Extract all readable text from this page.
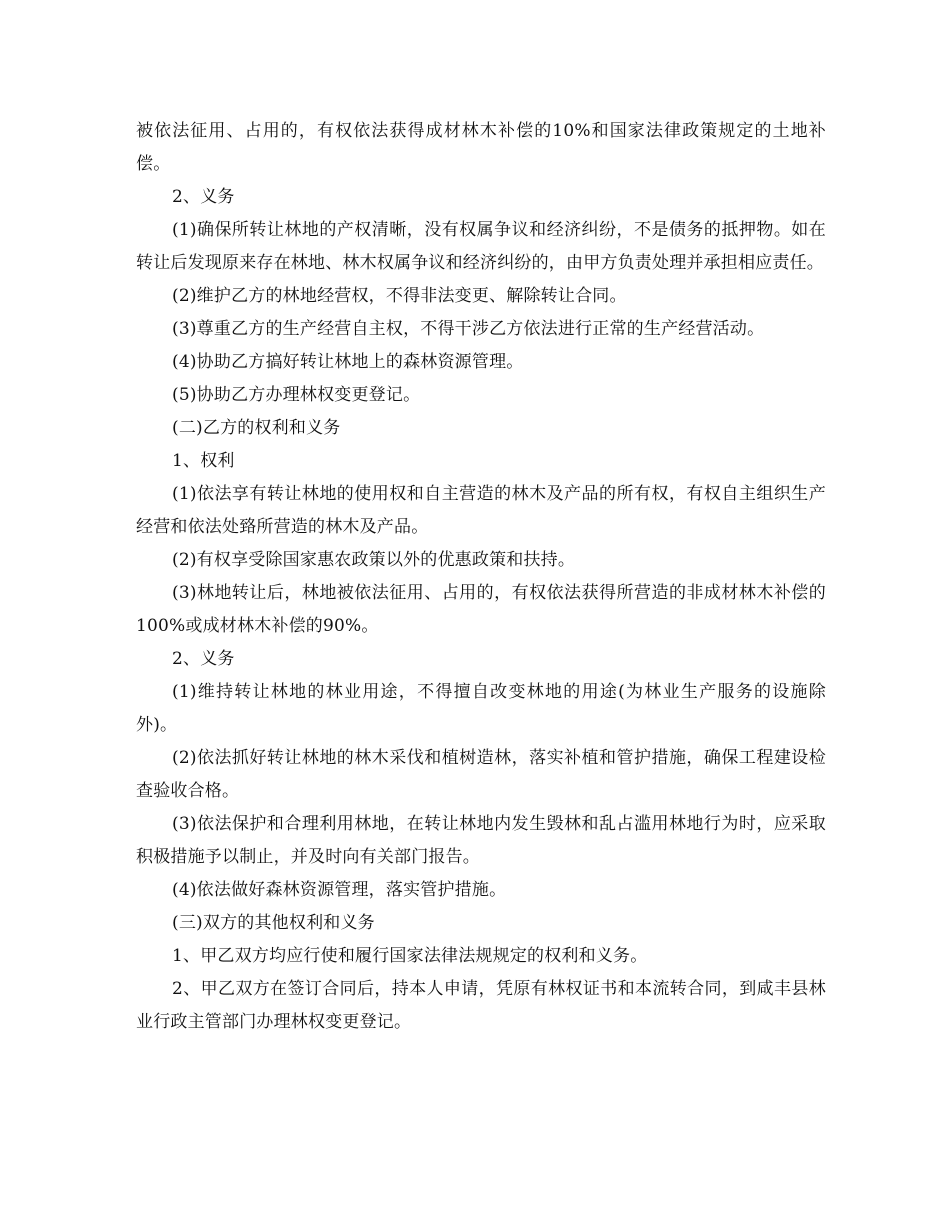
被依法征用、占用的，有权依法获得成材林木补偿的10%和国家法律政策规定的土地补偿。

2、义务

(1)确保所转让林地的产权清晰，没有权属争议和经济纠纷，不是债务的抵押物。如在转让后发现原来存在林地、林木权属争议和经济纠纷的，由甲方负责处理并承担相应责任。

(2)维护乙方的林地经营权，不得非法变更、解除转让合同。

(3)尊重乙方的生产经营自主权，不得干涉乙方依法进行正常的生产经营活动。

(4)协助乙方搞好转让林地上的森林资源管理。

(5)协助乙方办理林权变更登记。

(二)乙方的权利和义务

1、权利

(1)依法享有转让林地的使用权和自主营造的林木及产品的所有权，有权自主组织生产经营和依法处臵所营造的林木及产品。

(2)有权享受除国家惠农政策以外的优惠政策和扶持。

(3)林地转让后，林地被依法征用、占用的，有权依法获得所营造的非成材林木补偿的100%或成材林木补偿的90%。

2、义务

(1)维持转让林地的林业用途，不得擅自改变林地的用途(为林业生产服务的设施除外)。

(2)依法抓好转让林地的林木采伐和植树造林，落实补植和管护措施，确保工程建设检查验收合格。

(3)依法保护和合理利用林地，在转让林地内发生毁林和乱占滥用林地行为时，应采取积极措施予以制止，并及时向有关部门报告。

(4)依法做好森林资源管理，落实管护措施。

(三)双方的其他权利和义务

1、甲乙双方均应行使和履行国家法律法规规定的权利和义务。

2、甲乙双方在签订合同后，持本人申请，凭原有林权证书和本流转合同，到咸丰县林业行政主管部门办理林权变更登记。
